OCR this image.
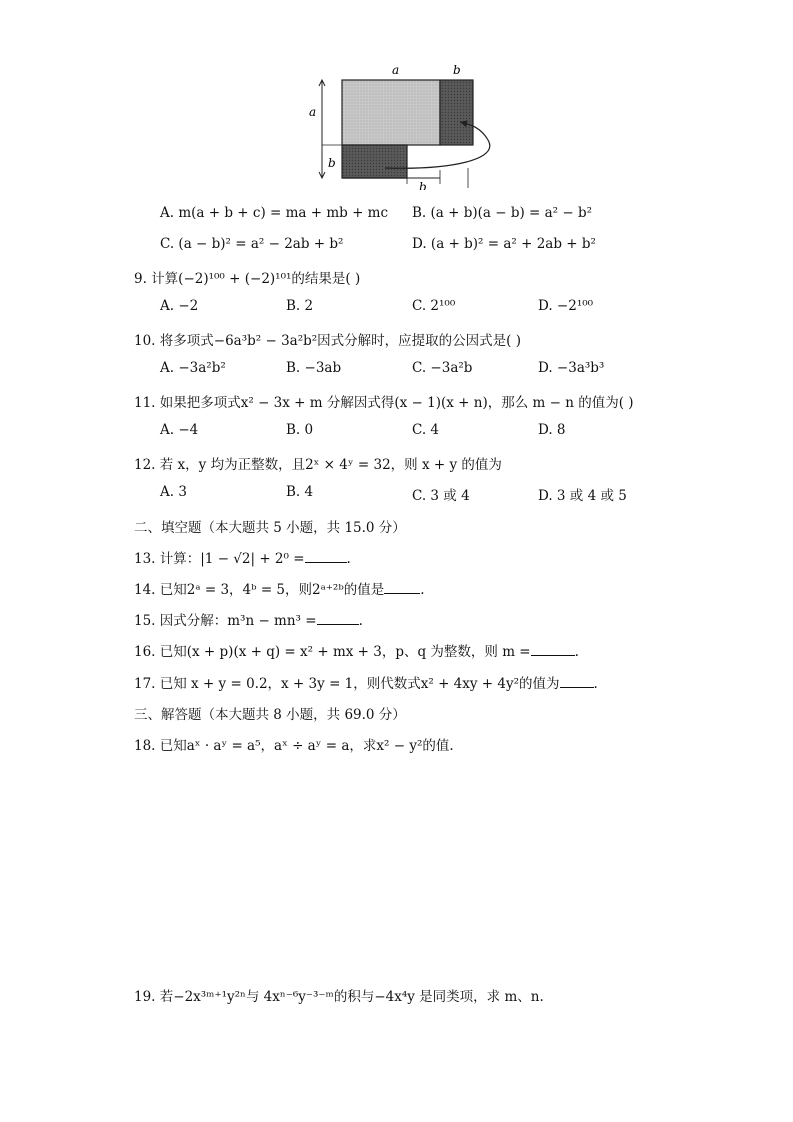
a	b
a
b
b
A. m(a + b + c) = ma + mb + mc B. (a + b)(a − b) = a² − b²
C. (a − b)² = a² − 2ab + b²	D. (a + b)² = a² + 2ab + b²
9. 计算(−2)¹⁰⁰ + (−2)¹⁰¹的结果是( )
A. −2	B. 2	C. 2¹⁰⁰	D. −2¹⁰⁰
10. 将多项式−6a³b² − 3a²b²因式分解时，应提取的公因式是( )
A. −3a²b²	B. −3ab	C. −3a²b	D. −3a³b³
11. 如果把多项式x² − 3x + m 分解因式得(x − 1)(x + n)，那么 m − n 的值为( )
A. −4	B. 0	C. 4	D. 8
12. 若 x，y 均为正整数，且2ˣ × 4ʸ = 32，则 x + y 的值为
A. 3	B. 4	C. 3 或 4	D. 3 或 4 或 5
二、填空题（本大题共 5 小题，共 15.0 分）
13. 计算：|1 − √2| + 2⁰ =	.
14. 已知2ᵃ = 3，4ᵇ = 5，则2ᵃ⁺²ᵇ的值是	.
15. 因式分解：m³n − mn³ =	.
16. 已知(x + p)(x + q) = x² + mx + 3，p、q 为整数，则 m =	.
17. 已知 x + y = 0.2，x + 3y = 1，则代数式x² + 4xy + 4y²的值为	.
三、解答题（本大题共 8 小题，共 69.0 分）
18. 已知aˣ · aʸ = a⁵，aˣ ÷ aʸ = a，求x² − y²的值.
19. 若−2x³ᵐ⁺¹y²ⁿ与 4xⁿ⁻⁶y⁻³⁻ᵐ的积与−4x⁴y 是同类项，求 m、n.
